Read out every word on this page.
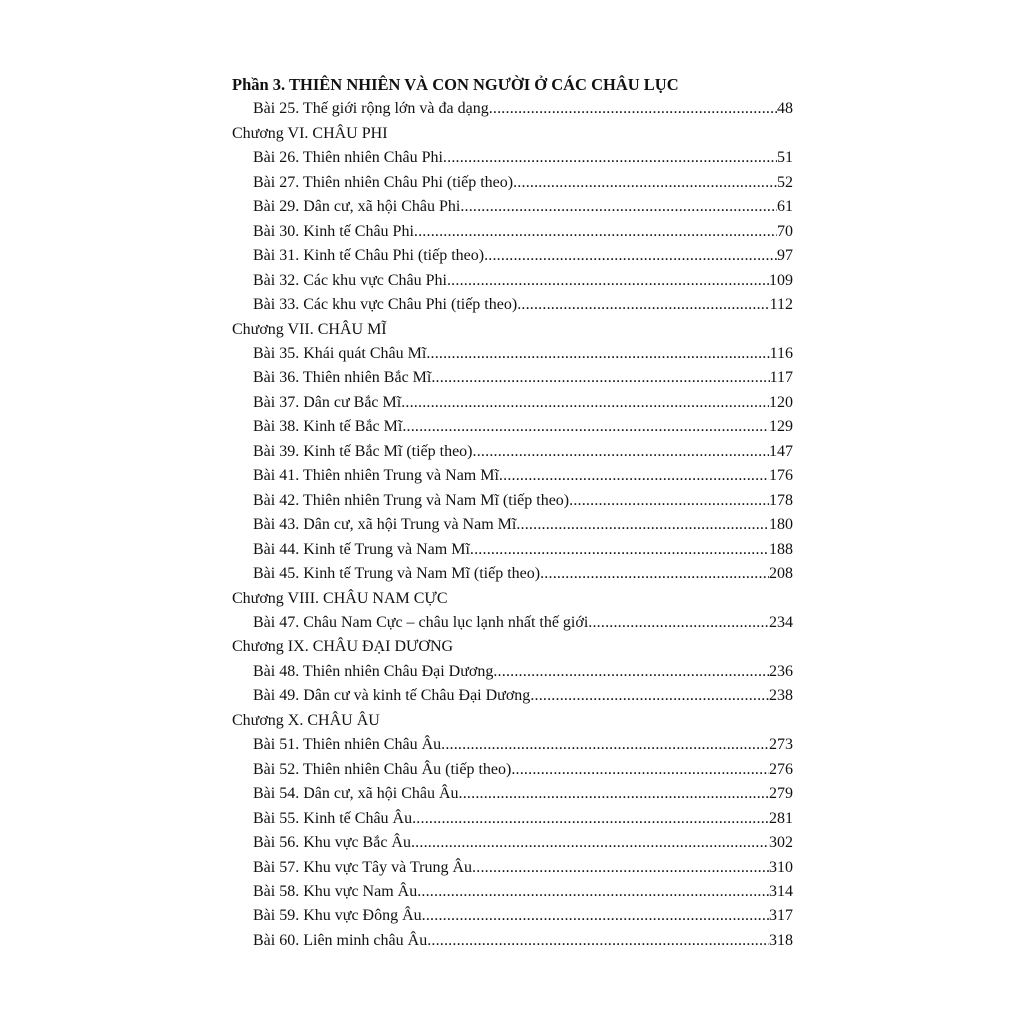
Phần 3. THIÊN NHIÊN VÀ CON NGƯỜI Ở CÁC CHÂU LỤC
Bài 25. Thế giới rộng lớn và đa dạng .....	48
Chương VI. CHÂU PHI
Bài 26. Thiên nhiên Châu Phi .....	51
Bài 27. Thiên nhiên Châu Phi (tiếp theo) .....	52
Bài 29. Dân cư, xã hội Châu Phi .....	61
Bài 30. Kinh tế Châu Phi .....	70
Bài 31. Kinh tế Châu Phi (tiếp theo) .....	97
Bài 32. Các khu vực Châu Phi .....	109
Bài 33. Các khu vực Châu Phi (tiếp theo) .....	112
Chương VII. CHÂU MĨ
Bài 35. Khái quát Châu Mĩ .....	116
Bài 36. Thiên nhiên Bắc Mĩ .....	117
Bài 37. Dân cư Bắc Mĩ .....	120
Bài 38. Kinh tế Bắc Mĩ .....	129
Bài 39. Kinh tế Bắc Mĩ (tiếp theo) .....	147
Bài 41. Thiên nhiên Trung và Nam Mĩ .....	176
Bài 42. Thiên nhiên Trung và Nam Mĩ (tiếp theo) .....	178
Bài 43. Dân cư, xã hội Trung và Nam Mĩ .....	180
Bài 44. Kinh tế Trung và Nam Mĩ .....	188
Bài 45. Kinh tế Trung và Nam Mĩ (tiếp theo) .....	208
Chương VIII. CHÂU NAM CỰC
Bài 47. Châu Nam Cực – châu lục lạnh nhất thế giới .....	234
Chương IX. CHÂU ĐẠI DƯƠNG
Bài 48. Thiên nhiên Châu Đại Dương .....	236
Bài 49. Dân cư và kinh tế Châu Đại Dương .....	238
Chương X. CHÂU ÂU
Bài 51. Thiên nhiên Châu Âu .....	273
Bài 52. Thiên nhiên Châu Âu (tiếp theo) .....	276
Bài 54. Dân cư, xã hội Châu Âu .....	279
Bài 55. Kinh tế Châu Âu .....	281
Bài 56. Khu vực Bắc Âu .....	302
Bài 57. Khu vực Tây và Trung Âu .....	310
Bài 58. Khu vực Nam Âu .....	314
Bài 59. Khu vực Đông Âu .....	317
Bài 60. Liên minh châu Âu .....	318
